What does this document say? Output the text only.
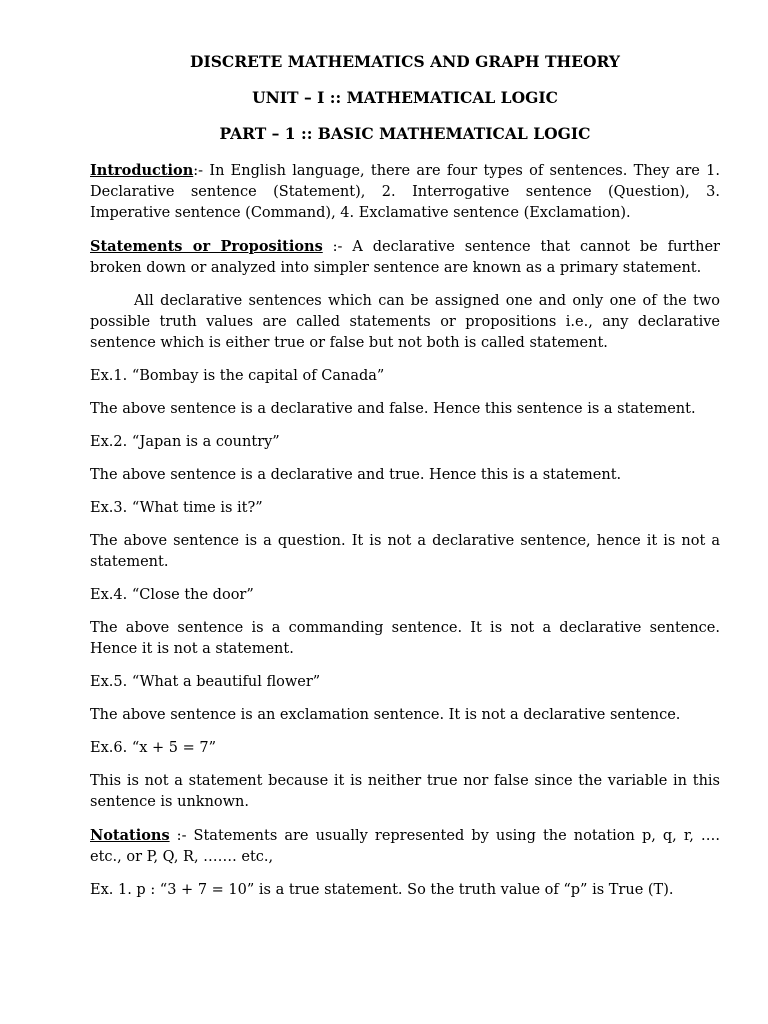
DISCRETE MATHEMATICS AND GRAPH THEORY
UNIT – I :: MATHEMATICAL LOGIC
PART – 1 :: BASIC MATHEMATICAL LOGIC

Introduction:- In English language, there are four types of sentences. They are 1. Declarative sentence (Statement), 2. Interrogative sentence (Question), 3. Imperative sentence (Command), 4. Exclamative sentence (Exclamation).

Statements or Propositions :- A declarative sentence that cannot be further broken down or analyzed into simpler sentence are known as a primary statement.

All declarative sentences which can be assigned one and only one of the two possible truth values are called statements or propositions i.e., any declarative sentence which is either true or false but not both is called statement.

Ex.1. “Bombay is the capital of Canada”

The above sentence is a declarative and false. Hence this sentence is a statement.

Ex.2. “Japan is a country”

The above sentence is a declarative and true. Hence this is a statement.

Ex.3. “What time is it?”

The above sentence is a question. It is not a declarative sentence, hence it is not a statement.

Ex.4. “Close the door”

The above sentence is a commanding sentence. It is not a declarative sentence. Hence it is not a statement.

Ex.5. “What a beautiful flower”

The above sentence is an exclamation sentence. It is not a declarative sentence.

Ex.6. “x + 5 = 7”

This is not a statement because it is neither true nor false since the variable in this sentence is unknown.

Notations :- Statements are usually represented by using the notation p, q, r, …. etc., or P, Q, R, ……. etc.,

Ex. 1. p : “3 + 7 = 10” is a true statement. So the truth value of “p” is True (T).
